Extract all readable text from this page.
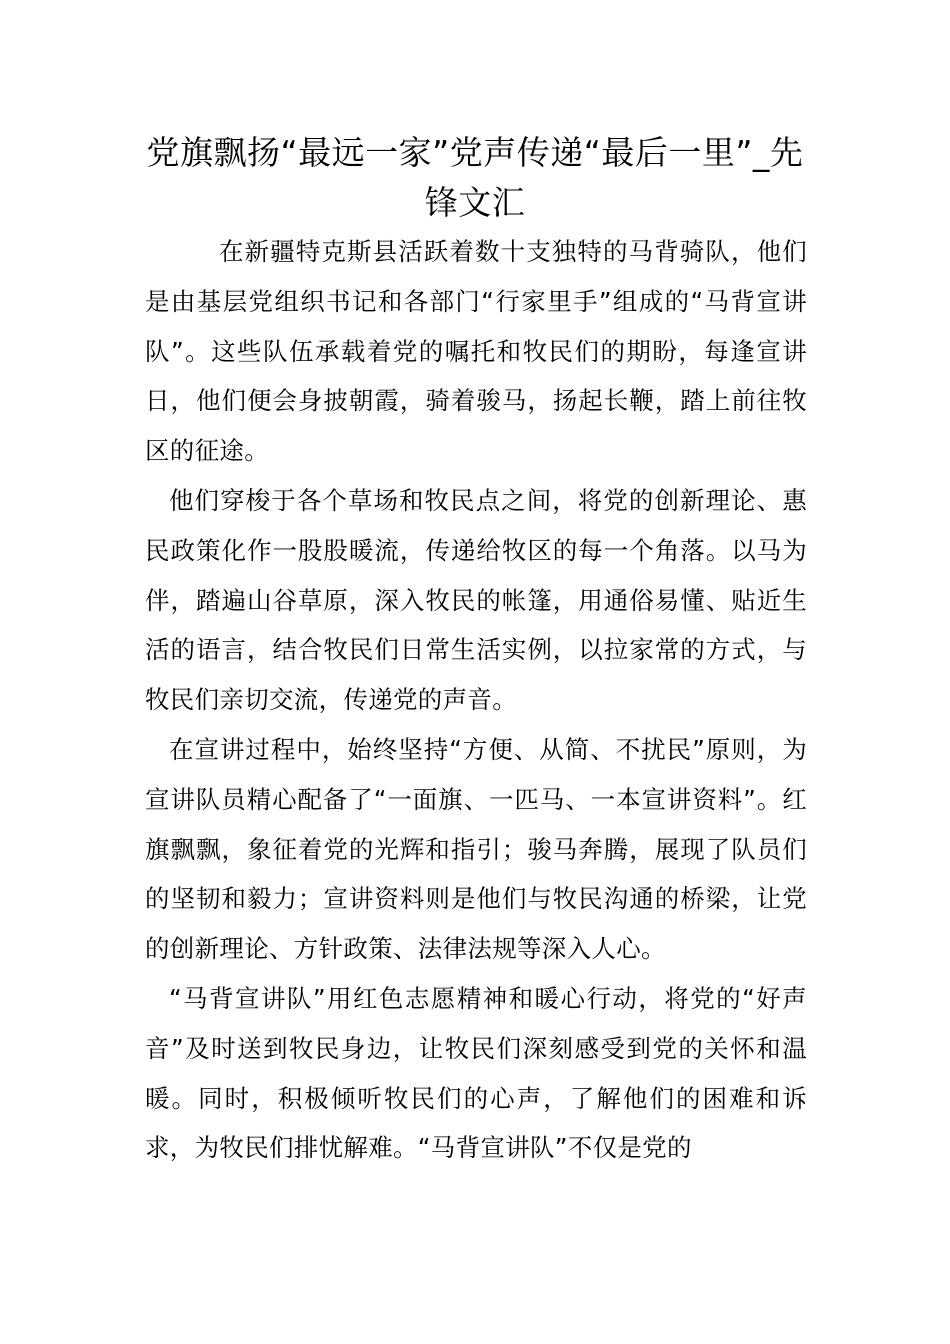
党旗飘扬“最远一家”党声传递“最后一里”_先锋文汇

在新疆特克斯县活跃着数十支独特的马背骑队，他们是由基层党组织书记和各部门“行家里手”组成的“马背宣讲队”。这些队伍承载着党的嘱托和牧民们的期盼，每逢宣讲日，他们便会身披朝霞，骑着骏马，扬起长鞭，踏上前往牧区的征途。

他们穿梭于各个草场和牧民点之间，将党的创新理论、惠民政策化作一股股暖流，传递给牧区的每一个角落。以马为伴，踏遍山谷草原，深入牧民的帐篷，用通俗易懂、贴近生活的语言，结合牧民们日常生活实例，以拉家常的方式，与牧民们亲切交流，传递党的声音。

在宣讲过程中，始终坚持“方便、从简、不扰民”原则，为宣讲队员精心配备了“一面旗、一匹马、一本宣讲资料”。红旗飘飘，象征着党的光辉和指引；骏马奔腾，展现了队员们的坚韧和毅力；宣讲资料则是他们与牧民沟通的桥梁，让党的创新理论、方针政策、法律法规等深入人心。

“马背宣讲队”用红色志愿精神和暖心行动，将党的“好声音”及时送到牧民身边，让牧民们深刻感受到党的关怀和温暖。同时，积极倾听牧民们的心声，了解他们的困难和诉求，为牧民们排忧解难。“马背宣讲队”不仅是党的
